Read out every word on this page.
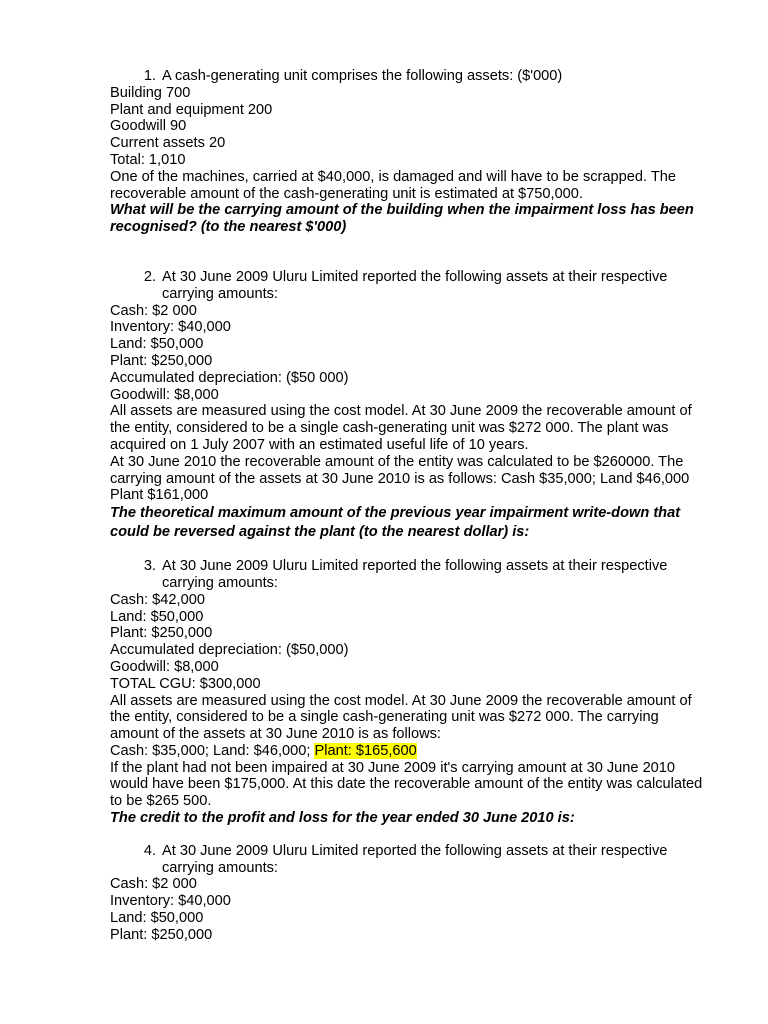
1. A cash-generating unit comprises the following assets: ($'000)
Building 700
Plant and equipment 200
Goodwill 90
Current assets 20
Total: 1,010
One of the machines, carried at $40,000, is damaged and will have to be scrapped. The recoverable amount of the cash-generating unit is estimated at $750,000.
What will be the carrying amount of the building when the impairment loss has been recognised? (to the nearest $'000)
2. At 30 June 2009 Uluru Limited reported the following assets at their respective carrying amounts:
Cash: $2 000
Inventory: $40,000
Land: $50,000
Plant: $250,000
Accumulated depreciation: ($50 000)
Goodwill: $8,000
All assets are measured using the cost model. At 30 June 2009 the recoverable amount of the entity, considered to be a single cash-generating unit was $272 000. The plant was acquired on 1 July 2007 with an estimated useful life of 10 years.
At 30 June 2010 the recoverable amount of the entity was calculated to be $260000. The carrying amount of the assets at 30 June 2010 is as follows: Cash $35,000; Land $46,000 Plant $161,000
The theoretical maximum amount of the previous year impairment write-down that could be reversed against the plant (to the nearest dollar) is:
3. At 30 June 2009 Uluru Limited reported the following assets at their respective carrying amounts:
Cash: $42,000
Land: $50,000
Plant: $250,000
Accumulated depreciation: ($50,000)
Goodwill: $8,000
TOTAL CGU: $300,000
All assets are measured using the cost model. At 30 June 2009 the recoverable amount of the entity, considered to be a single cash-generating unit was $272 000. The carrying amount of the assets at 30 June 2010 is as follows:
Cash: $35,000; Land: $46,000; Plant: $165,600
If the plant had not been impaired at 30 June 2009 it's carrying amount at 30 June 2010 would have been $175,000. At this date the recoverable amount of the entity was calculated to be $265 500.
The credit to the profit and loss for the year ended 30 June 2010 is:
4. At 30 June 2009 Uluru Limited reported the following assets at their respective carrying amounts:
Cash: $2 000
Inventory: $40,000
Land: $50,000
Plant: $250,000
